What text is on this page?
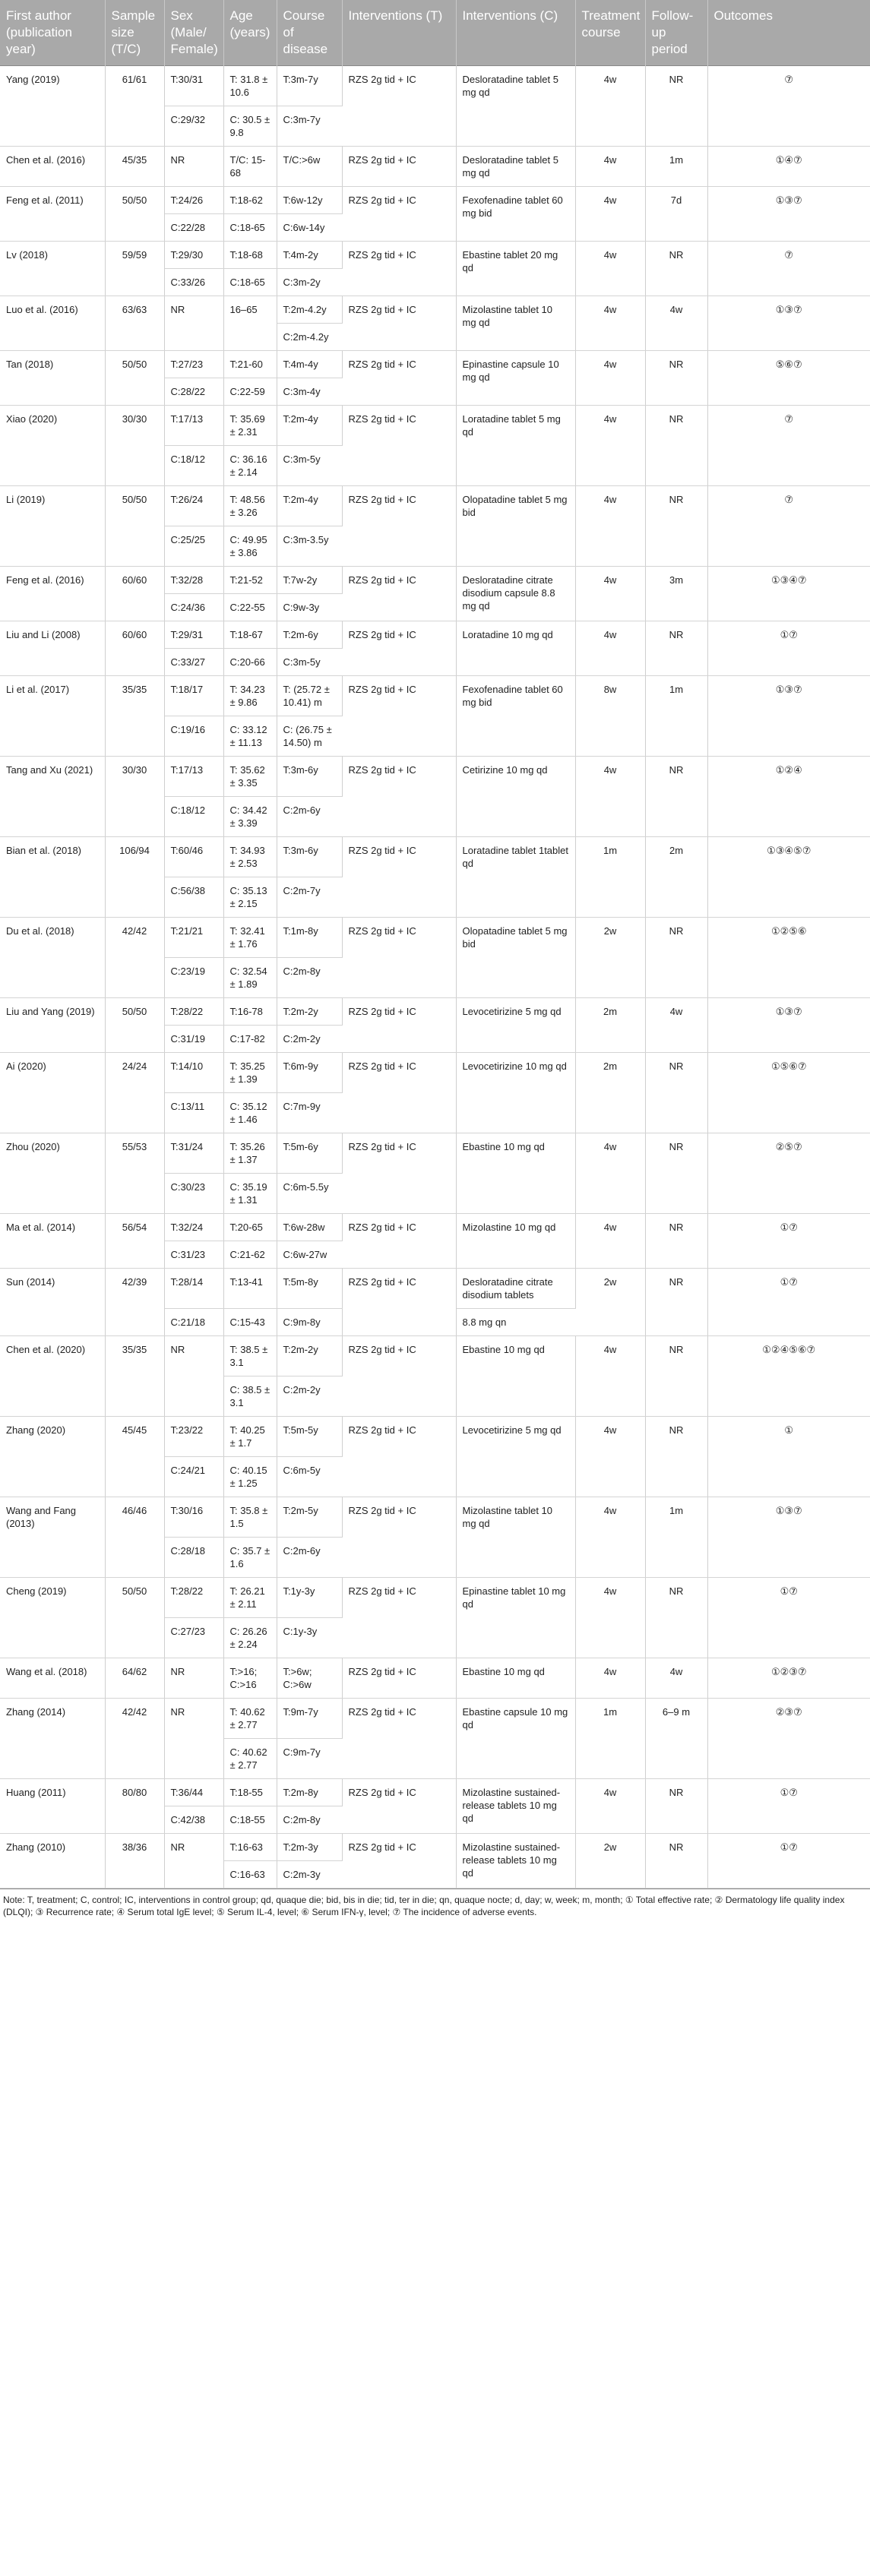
First author (publication year)	Sample size (T/C)	Sex (Male/ Female)	Age (years)	Course of disease	Interventions (T)	Interventions (C)	Treatment course	Follow-up period	Outcomes
Yang (2019)	61/61	T:30/31	T: 31.8 ± 10.6	T:3m-7y	RZS 2g tid + IC	Desloratadine tablet 5 mg qd	4w	NR	⑦
		C:29/32	C: 30.5 ± 9.8	C:3m-7y					
Chen et al. (2016)	45/35	NR	T/C: 15-68	T/C:>6w	RZS 2g tid + IC	Desloratadine tablet 5 mg qd	4w	1m	①④⑦
Feng et al. (2011)	50/50	T:24/26	T:18-62	T:6w-12y	RZS 2g tid + IC	Fexofenadine tablet 60 mg bid	4w	7d	①③⑦
		C:22/28	C:18-65	C:6w-14y					
Lv (2018)	59/59	T:29/30	T:18-68	T:4m-2y	RZS 2g tid + IC	Ebastine tablet 20 mg qd	4w	NR	⑦
		C:33/26	C:18-65	C:3m-2y					
Luo et al. (2016)	63/63	NR	16–65	T:2m-4.2y	RZS 2g tid + IC	Mizolastine tablet 10 mg qd	4w	4w	①③⑦
				C:2m-4.2y					
Tan (2018)	50/50	T:27/23	T:21-60	T:4m-4y	RZS 2g tid + IC	Epinastine capsule 10 mg qd	4w	NR	⑤⑥⑦
		C:28/22	C:22-59	C:3m-4y					
Xiao (2020)	30/30	T:17/13	T: 35.69 ± 2.31	T:2m-4y	RZS 2g tid + IC	Loratadine tablet 5 mg qd	4w	NR	⑦
		C:18/12	C: 36.16 ± 2.14	C:3m-5y					
Li (2019)	50/50	T:26/24	T: 48.56 ± 3.26	T:2m-4y	RZS 2g tid + IC	Olopatadine tablet 5 mg bid	4w	NR	⑦
		C:25/25	C: 49.95 ± 3.86	C:3m-3.5y					
Feng et al. (2016)	60/60	T:32/28	T:21-52	T:7w-2y	RZS 2g tid + IC	Desloratadine citrate disodium capsule 8.8 mg qd	4w	3m	①③④⑦
		C:24/36	C:22-55	C:9w-3y					
Liu and Li (2008)	60/60	T:29/31	T:18-67	T:2m-6y	RZS 2g tid + IC	Loratadine 10 mg qd	4w	NR	①⑦
		C:33/27	C:20-66	C:3m-5y					
Li et al. (2017)	35/35	T:18/17	T: 34.23 ± 9.86	T: (25.72 ± 10.41) m	RZS 2g tid + IC	Fexofenadine tablet 60 mg bid	8w	1m	①③⑦
		C:19/16	C: 33.12 ± 11.13	C: (26.75 ± 14.50) m					
Tang and Xu (2021)	30/30	T:17/13	T: 35.62 ± 3.35	T:3m-6y	RZS 2g tid + IC	Cetirizine 10 mg qd	4w	NR	①②④
		C:18/12	C: 34.42 ± 3.39	C:2m-6y					
Bian et al. (2018)	106/94	T:60/46	T: 34.93 ± 2.53	T:3m-6y	RZS 2g tid + IC	Loratadine tablet 1tablet qd	1m	2m	①③④⑤⑦
		C:56/38	C: 35.13 ± 2.15	C:2m-7y					
Du et al. (2018)	42/42	T:21/21	T: 32.41 ± 1.76	T:1m-8y	RZS 2g tid + IC	Olopatadine tablet 5 mg bid	2w	NR	①②⑤⑥
		C:23/19	C: 32.54 ± 1.89	C:2m-8y					
Liu and Yang (2019)	50/50	T:28/22	T:16-78	T:2m-2y	RZS 2g tid + IC	Levocetirizine 5 mg qd	2m	4w	①③⑦
		C:31/19	C:17-82	C:2m-2y					
Ai (2020)	24/24	T:14/10	T: 35.25 ± 1.39	T:6m-9y	RZS 2g tid + IC	Levocetirizine 10 mg qd	2m	NR	①⑤⑥⑦
		C:13/11	C: 35.12 ± 1.46	C:7m-9y					
Zhou (2020)	55/53	T:31/24	T: 35.26 ± 1.37	T:5m-6y	RZS 2g tid + IC	Ebastine 10 mg qd	4w	NR	②⑤⑦
		C:30/23	C: 35.19 ± 1.31	C:6m-5.5y					
Ma et al. (2014)	56/54	T:32/24	T:20-65	T:6w-28w	RZS 2g tid + IC	Mizolastine 10 mg qd	4w	NR	①⑦
		C:31/23	C:21-62	C:6w-27w					
Sun (2014)	42/39	T:28/14	T:13-41	T:5m-8y	RZS 2g tid + IC	Desloratadine citrate disodium tablets	2w	NR	①⑦
		C:21/18	C:15-43	C:9m-8y		8.8 mg qn			
Chen et al. (2020)	35/35	NR	T: 38.5 ± 3.1	T:2m-2y	RZS 2g tid + IC	Ebastine 10 mg qd	4w	NR	①②④⑤⑥⑦
			C: 38.5 ± 3.1	C:2m-2y					
Zhang (2020)	45/45	T:23/22	T: 40.25 ± 1.7	T:5m-5y	RZS 2g tid + IC	Levocetirizine 5 mg qd	4w	NR	①
		C:24/21	C: 40.15 ± 1.25	C:6m-5y					
Wang and Fang (2013)	46/46	T:30/16	T: 35.8 ± 1.5	T:2m-5y	RZS 2g tid + IC	Mizolastine tablet 10 mg qd	4w	1m	①③⑦
		C:28/18	C: 35.7 ± 1.6	C:2m-6y					
Cheng (2019)	50/50	T:28/22	T: 26.21 ± 2.11	T:1y-3y	RZS 2g tid + IC	Epinastine tablet 10 mg qd	4w	NR	①⑦
		C:27/23	C: 26.26 ± 2.24	C:1y-3y					
Wang et al. (2018)	64/62	NR	T:>16; C:>16	T:>6w; C:>6w	RZS 2g tid + IC	Ebastine 10 mg qd	4w	4w	①②③⑦
Zhang (2014)	42/42	NR	T: 40.62 ± 2.77	T:9m-7y	RZS 2g tid + IC	Ebastine capsule 10 mg qd	1m	6–9 m	②③⑦
			C: 40.62 ± 2.77	C:9m-7y					
Huang (2011)	80/80	T:36/44	T:18-55	T:2m-8y	RZS 2g tid + IC	Mizolastine sustained-release tablets 10 mg qd	4w	NR	①⑦
		C:42/38	C:18-55	C:2m-8y					
Zhang (2010)	38/36	NR	T:16-63	T:2m-3y	RZS 2g tid + IC	Mizolastine sustained-release tablets 10 mg qd	2w	NR	①⑦
			C:16-63	C:2m-3y					
Note: T, treatment; C, control; IC, interventions in control group; qd, quaque die; bid, bis in die; tid, ter in die; qn, quaque nocte; d, day; w, week; m, month; ① Total effective rate; ② Dermatology life quality index (DLQI); ③ Recurrence rate; ④ Serum total IgE level; ⑤ Serum IL-4, level; ⑥ Serum IFN-γ, level; ⑦ The incidence of adverse events.
